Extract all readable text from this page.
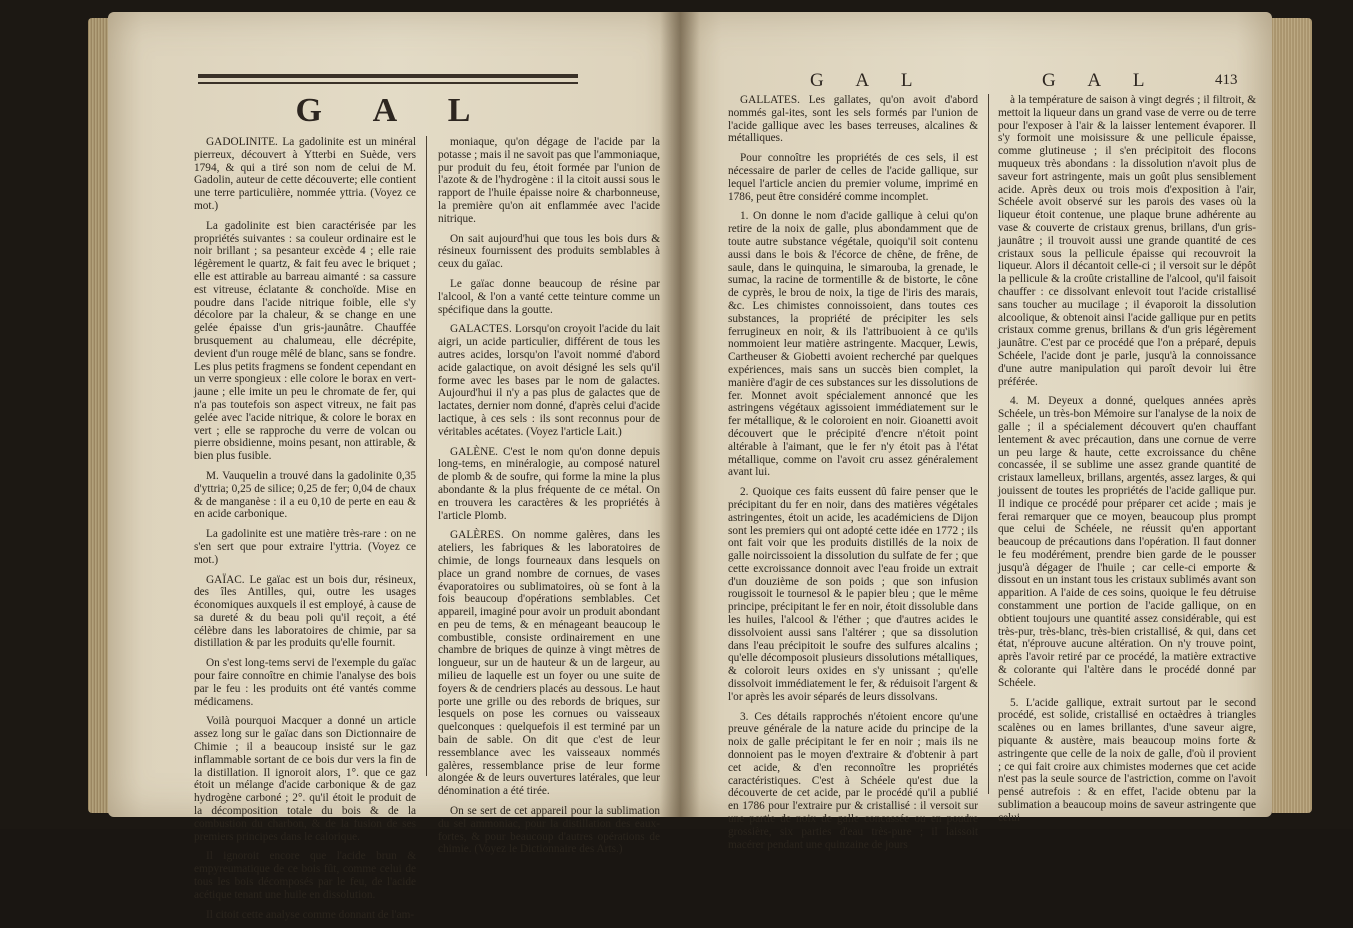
G A L

GADOLINITE. La gadolinite est un minéral pierreux, découvert à Ytterbi en Suède, vers 1794, & qui a tiré son nom de celui de M. Gadolin, auteur de cette découverte; elle contient une terre particulière, nommée yttria. (Voyez ce mot.)

La gadolinite est bien caractérisée par les propriétés suivantes : sa couleur ordinaire est le noir brillant ; sa pesanteur excède 4 ; elle raie légèrement le quartz, & fait feu avec le briquet ; elle est attirable au barreau aimanté : sa cassure est vitreuse, éclatante & conchoïde. Mise en poudre dans l'acide nitrique foible, elle s'y décolore par la chaleur, & se change en une gelée épaisse d'un gris-jaunâtre. Chauffée brusquement au chalumeau, elle décrépite, devient d'un rouge mêlé de blanc, sans se fondre. Les plus petits fragmens se fondent cependant en un verre spongieux : elle colore le borax en vert-jaune ; elle imite un peu le chromate de fer, qui n'a pas toutefois son aspect vitreux, ne fait pas gelée avec l'acide nitrique, & colore le borax en vert ; elle se rapproche du verre de volcan ou pierre obsidienne, moins pesant, non attirable, & bien plus fusible.

M. Vauquelin a trouvé dans la gadolinite 0,35 d'yttria; 0,25 de silice; 0,25 de fer; 0,04 de chaux & de manganèse : il a eu 0,10 de perte en eau & en acide carbonique.

La gadolinite est une matière très-rare : on ne s'en sert que pour extraire l'yttria. (Voyez ce mot.)

GAÏAC. Le gaïac est un bois dur, résineux, des îles Antilles, qui, outre les usages économiques auxquels il est employé, à cause de sa dureté & du beau poli qu'il reçoit, a été célèbre dans les laboratoires de chimie, par sa distillation & par les produits qu'elle fournit.

On s'est long-tems servi de l'exemple du gaïac pour faire connoître en chimie l'analyse des bois par le feu : les produits ont été vantés comme médicamens.

Voilà pourquoi Macquer a donné un article assez long sur le gaïac dans son Dictionnaire de Chimie ; il a beaucoup insisté sur le gaz inflammable sortant de ce bois dur vers la fin de la distillation. Il ignoroit alors, 1°. que ce gaz étoit un mélange d'acide carbonique & de gaz hydrogène carboné ; 2°. qu'il étoit le produit de la décomposition totale du bois & de la combustion du charbon, & de la fusion de ses premiers principes dans le calorique.

Il ignoroit encore que l'acide brun & empyreumatique de ce bois fût, comme celui de tous les bois décomposés par le feu, de l'acide acétique tenant une huile en dissolution.

Il citoit cette analyse comme donnant de l'am-

moniaque, qu'on dégage de l'acide par la potasse ; mais il ne savoit pas que l'ammoniaque, pur produit du feu, étoit formée par l'union de l'azote & de l'hydrogène : il la citoit aussi sous le rapport de l'huile épaisse noire & charbonneuse, la première qu'on ait enflammée avec l'acide nitrique.

On sait aujourd'hui que tous les bois durs & résineux fournissent des produits semblables à ceux du gaïac.

Le gaïac donne beaucoup de résine par l'alcool, & l'on a vanté cette teinture comme un spécifique dans la goutte.

GALACTES. Lorsqu'on croyoit l'acide du lait aigri, un acide particulier, différent de tous les autres acides, lorsqu'on l'avoit nommé d'abord acide galactique, on avoit désigné les sels qu'il forme avec les bases par le nom de galactes. Aujourd'hui il n'y a pas plus de galactes que de lactates, dernier nom donné, d'après celui d'acide lactique, à ces sels : ils sont reconnus pour de véritables acétates. (Voyez l'article Lait.)

GALÈNE. C'est le nom qu'on donne depuis long-tems, en minéralogie, au composé naturel de plomb & de soufre, qui forme la mine la plus abondante & la plus fréquente de ce métal. On en trouvera les caractères & les propriétés à l'article Plomb.

GALÈRES. On nomme galères, dans les ateliers, les fabriques & les laboratoires de chimie, de longs fourneaux dans lesquels on place un grand nombre de cornues, de vases évaporatoires ou sublimatoires, où se font à la fois beaucoup d'opérations semblables. Cet appareil, imaginé pour avoir un produit abondant en peu de tems, & en ménageant beaucoup le combustible, consiste ordinairement en une chambre de briques de quinze à vingt mètres de longueur, sur un de hauteur & un de largeur, au milieu de laquelle est un foyer ou une suite de foyers & de cendriers placés au dessous. Le haut porte une grille ou des rebords de briques, sur lesquels on pose les cornues ou vaisseaux quelconques : quelquefois il est terminé par un bain de sable. On dit que c'est de leur ressemblance avec les vaisseaux nommés galères, ressemblance prise de leur forme alongée & de leurs ouvertures latérales, que leur dénomination a été tirée.

On se sert de cet appareil pour la sublimation du sel ammoniac, pour la distillation des eaux-fortes, & pour beaucoup d'autres opérations de chimie. (Voyez le Dictionnaire des Arts.)

G A L	G A L	413

GALLATES. Les gallates, qu'on avoit d'abord nommés gal-ites, sont les sels formés par l'union de l'acide gallique avec les bases terreuses, alcalines & métalliques.

Pour connoître les propriétés de ces sels, il est nécessaire de parler de celles de l'acide gallique, sur lequel l'article ancien du premier volume, imprimé en 1786, peut être considéré comme incomplet.

1. On donne le nom d'acide gallique à celui qu'on retire de la noix de galle, plus abondamment que de toute autre substance végétale, quoiqu'il soit contenu aussi dans le bois & l'écorce de chêne, de frêne, de saule, dans le quinquina, le simarouba, la grenade, le sumac, la racine de tormentille & de bistorte, le cône de cyprès, le brou de noix, la tige de l'iris des marais, &c. Les chimistes connoissoient, dans toutes ces substances, la propriété de précipiter les sels ferrugineux en noir, & ils l'attribuoient à ce qu'ils nommoient leur matière astringente. Macquer, Lewis, Cartheuser & Giobetti avoient recherché par quelques expériences, mais sans un succès bien complet, la manière d'agir de ces substances sur les dissolutions de fer. Monnet avoit spécialement annoncé que les astringens végétaux agissoient immédiatement sur le fer métallique, & le coloroient en noir. Gioanetti avoit découvert que le précipité d'encre n'étoit point altérable à l'aimant, que le fer n'y étoit pas à l'état métallique, comme on l'avoit cru assez généralement avant lui.

2. Quoique ces faits eussent dû faire penser que le précipitant du fer en noir, dans des matières végétales astringentes, étoit un acide, les académiciens de Dijon sont les premiers qui ont adopté cette idée en 1772 ; ils ont fait voir que les produits distillés de la noix de galle noircissoient la dissolution du sulfate de fer ; que cette excroissance donnoit avec l'eau froide un extrait d'un douzième de son poids ; que son infusion rougissoit le tournesol & le papier bleu ; que le même principe, précipitant le fer en noir, étoit dissoluble dans les huiles, l'alcool & l'éther ; que d'autres acides le dissolvoient aussi sans l'altérer ; que sa dissolution dans l'eau précipitoit le soufre des sulfures alcalins ; qu'elle décomposoit plusieurs dissolutions métalliques, & coloroit leurs oxides en s'y unissant ; qu'elle dissolvoit immédiatement le fer, & réduisoit l'argent & l'or après les avoir séparés de leurs dissolvans.

3. Ces détails rapprochés n'étoient encore qu'une preuve générale de la nature acide du principe de la noix de galle précipitant le fer en noir ; mais ils ne donnoient pas le moyen d'extraire & d'obtenir à part cet acide, & d'en reconnoître les propriétés caractéristiques. C'est à Schéele qu'est due la découverte de cet acide, par le procédé qu'il a publié en 1786 pour l'extraire pur & cristallisé : il versoit sur une partie de noix de galle concassée ou en poudre grossière, six parties d'eau très-pure ; il laissoit macérer pendant une quinzaine de jours

à la température de saison à vingt degrés ; il filtroit, & mettoit la liqueur dans un grand vase de verre ou de terre pour l'exposer à l'air & la laisser lentement évaporer. Il s'y formoit une moisissure & une pellicule épaisse, comme glutineuse ; il s'en précipitoit des flocons muqueux très abondans : la dissolution n'avoit plus de saveur fort astringente, mais un goût plus sensiblement acide. Après deux ou trois mois d'exposition à l'air, Schéele avoit observé sur les parois des vases où la liqueur étoit contenue, une plaque brune adhérente au vase & couverte de cristaux grenus, brillans, d'un gris-jaunâtre ; il trouvoit aussi une grande quantité de ces cristaux sous la pellicule épaisse qui recouvroit la liqueur. Alors il décantoit celle-ci ; il versoit sur le dépôt la pellicule & la croûte cristalline de l'alcool, qu'il faisoit chauffer : ce dissolvant enlevoit tout l'acide cristallisé sans toucher au mucilage ; il évaporoit la dissolution alcoolique, & obtenoit ainsi l'acide gallique pur en petits cristaux comme grenus, brillans & d'un gris légèrement jaunâtre. C'est par ce procédé que l'on a préparé, depuis Schéele, l'acide dont je parle, jusqu'à la connoissance d'une autre manipulation qui paroît devoir lui être préférée.

4. M. Deyeux a donné, quelques années après Schéele, un très-bon Mémoire sur l'analyse de la noix de galle ; il a spécialement découvert qu'en chauffant lentement & avec précaution, dans une cornue de verre un peu large & haute, cette excroissance du chêne concassée, il se sublime une assez grande quantité de cristaux lamelleux, brillans, argentés, assez larges, & qui jouissent de toutes les propriétés de l'acide gallique pur. Il indique ce procédé pour préparer cet acide ; mais je ferai remarquer que ce moyen, beaucoup plus prompt que celui de Schéele, ne réussit qu'en apportant beaucoup de précautions dans l'opération. Il faut donner le feu modérément, prendre bien garde de le pousser jusqu'à dégager de l'huile ; car celle-ci emporte & dissout en un instant tous les cristaux sublimés avant son apparition. A l'aide de ces soins, quoique le feu détruise constamment une portion de l'acide gallique, on en obtient toujours une quantité assez considérable, qui est très-pur, très-blanc, très-bien cristallisé, & qui, dans cet état, n'éprouve aucune altération. On n'y trouve point, après l'avoir retiré par ce procédé, la matière extractive & colorante qui l'altère dans le procédé donné par Schéele.

5. L'acide gallique, extrait surtout par le second procédé, est solide, cristallisé en octaèdres à triangles scalènes ou en lames brillantes, d'une saveur aigre, piquante & austère, mais beaucoup moins forte & astringente que celle de la noix de galle, d'où il provient ; ce qui fait croire aux chimistes modernes que cet acide n'est pas la seule source de l'astriction, comme on l'avoit pensé autrefois : & en effet, l'acide obtenu par la sublimation a beaucoup moins de saveur astringente que celui
